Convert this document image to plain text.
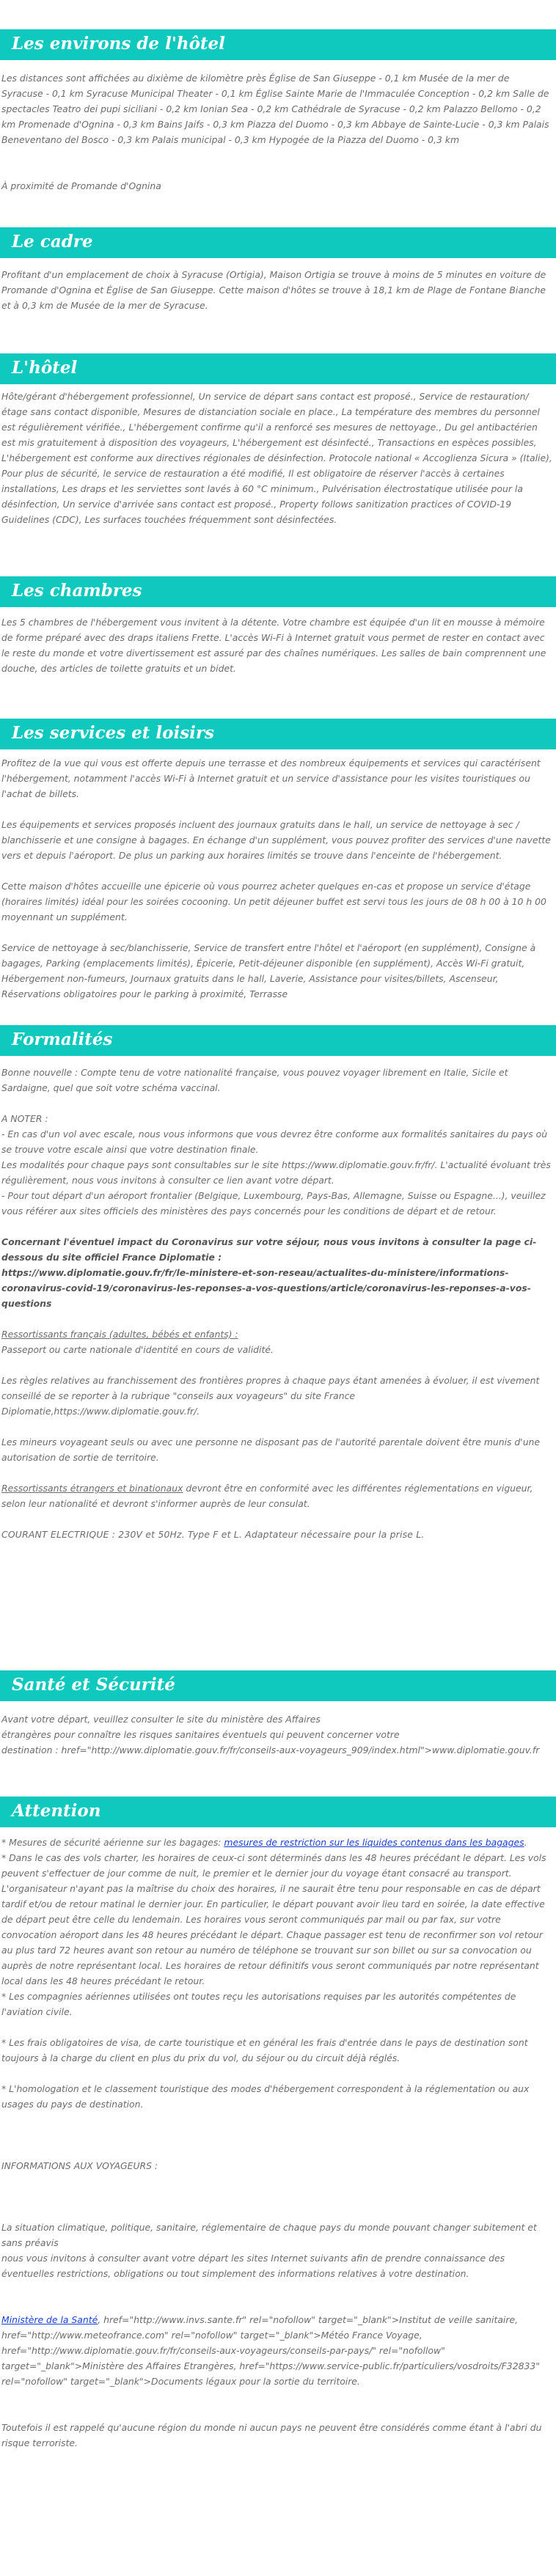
Les environs de l'hôtel

Les distances sont affichées au dixième de kilomètre près Église de San Giuseppe - 0,1 km Musée de la mer de Syracuse - 0,1 km Syracuse Municipal Theater - 0,1 km Église Sainte Marie de l'Immaculée Conception - 0,2 km Salle de spectacles Teatro dei pupi siciliani - 0,2 km Ionian Sea - 0,2 km Cathédrale de Syracuse - 0,2 km Palazzo Bellomo - 0,2 km Promenade d'Ognina - 0,3 km Bains Jaifs - 0,3 km Piazza del Duomo - 0,3 km Abbaye de Sainte-Lucie - 0,3 km Palais Beneventano del Bosco - 0,3 km Palais municipal - 0,3 km Hypogée de la Piazza del Duomo - 0,3 km

À proximité de Promande d'Ognina

Le cadre

Profitant d'un emplacement de choix à Syracuse (Ortigia), Maison Ortigia se trouve à moins de 5 minutes en voiture de Promande d'Ognina et Église de San Giuseppe. Cette maison d'hôtes se trouve à 18,1 km de Plage de Fontane Bianche et à 0,3 km de Musée de la mer de Syracuse.

L'hôtel

Hôte/gérant d'hébergement professionnel, Un service de départ sans contact est proposé., Service de restauration/étage sans contact disponible, Mesures de distanciation sociale en place., La température des membres du personnel est régulièrement vérifiée., L'hébergement confirme qu'il a renforcé ses mesures de nettoyage., Du gel antibactérien est mis gratuitement à disposition des voyageurs, L'hébergement est désinfecté., Transactions en espèces possibles, L'hébergement est conforme aux directives régionales de désinfection. Protocole national « Accoglienza Sicura » (Italie), Pour plus de sécurité, le service de restauration a été modifié, Il est obligatoire de réserver l'accès à certaines installations, Les draps et les serviettes sont lavés à 60 °C minimum., Pulvérisation électrostatique utilisée pour la désinfection, Un service d'arrivée sans contact est proposé., Property follows sanitization practices of COVID-19 Guidelines (CDC), Les surfaces touchées fréquemment sont désinfectées.

Les chambres

Les 5 chambres de l'hébergement vous invitent à la détente. Votre chambre est équipée d'un lit en mousse à mémoire de forme préparé avec des draps italiens Frette. L'accès Wi-Fi à Internet gratuit vous permet de rester en contact avec le reste du monde et votre divertissement est assuré par des chaînes numériques. Les salles de bain comprennent une douche, des articles de toilette gratuits et un bidet.

Les services et loisirs

Profitez de la vue qui vous est offerte depuis une terrasse et des nombreux équipements et services qui caractérisent l'hébergement, notamment l'accès Wi-Fi à Internet gratuit et un service d'assistance pour les visites touristiques ou l'achat de billets.

Les équipements et services proposés incluent des journaux gratuits dans le hall, un service de nettoyage à sec / blanchisserie et une consigne à bagages. En échange d'un supplément, vous pouvez profiter des services d'une navette vers et depuis l'aéroport. De plus un parking aux horaires limités se trouve dans l'enceinte de l'hébergement.

Cette maison d'hôtes accueille une épicerie où vous pourrez acheter quelques en-cas et propose un service d'étage (horaires limités) idéal pour les soirées cocooning. Un petit déjeuner buffet est servi tous les jours de 08 h 00 à 10 h 00 moyennant un supplément.

Service de nettoyage à sec/blanchisserie, Service de transfert entre l'hôtel et l'aéroport (en supplément), Consigne à bagages, Parking (emplacements limités), Épicerie, Petit-déjeuner disponible (en supplément), Accès Wi-Fi gratuit, Hébergement non-fumeurs, Journaux gratuits dans le hall, Laverie, Assistance pour visites/billets, Ascenseur, Réservations obligatoires pour le parking à proximité, Terrasse

Formalités

Bonne nouvelle : Compte tenu de votre nationalité française, vous pouvez voyager librement en Italie, Sicile et Sardaigne, quel que soit votre schéma vaccinal.

A NOTER :

- En cas d'un vol avec escale, nous vous informons que vous devrez être conforme aux formalités sanitaires du pays où se trouve votre escale ainsi que votre destination finale.

Les modalités pour chaque pays sont consultables sur le site https://www.diplomatie.gouv.fr/fr/. L'actualité évoluant très régulièrement, nous vous invitons à consulter ce lien avant votre départ.

- Pour tout départ d'un aéroport frontalier (Belgique, Luxembourg, Pays-Bas, Allemagne, Suisse ou Espagne...), veuillez vous référer aux sites officiels des ministères des pays concernés pour les conditions de départ et de retour.

Concernant l'éventuel impact du Coronavirus sur votre séjour, nous vous invitons à consulter la page ci-dessous du site officiel France Diplomatie :

https://www.diplomatie.gouv.fr/fr/le-ministere-et-son-reseau/actualites-du-ministere/informations-coronavirus-covid-19/coronavirus-les-reponses-a-vos-questions/article/coronavirus-les-reponses-a-vos-questions

Ressortissants français (adultes, bébés et enfants) :

Passeport ou carte nationale d'identité en cours de validité.

Les règles relatives au franchissement des frontières propres à chaque pays étant amenées à évoluer, il est vivement conseillé de se reporter à la rubrique "conseils aux voyageurs" du site France Diplomatie,https://www.diplomatie.gouv.fr/.

Les mineurs voyageant seuls ou avec une personne ne disposant pas de l'autorité parentale doivent être munis d'une autorisation de sortie de territoire.

Ressortissants étrangers et binationaux devront être en conformité avec les différentes réglementations en vigueur, selon leur nationalité et devront s'informer auprès de leur consulat.

COURANT ELECTRIQUE : 230V et 50Hz. Type F et L. Adaptateur nécessaire pour la prise L.

Santé et Sécurité

Avant votre départ, veuillez consulter le site du ministère des Affaires

étrangères pour connaître les risques sanitaires éventuels qui peuvent concerner votre

destination : href="http://www.diplomatie.gouv.fr/fr/conseils-aux-voyageurs_909/index.html">www.diplomatie.gouv.fr

Attention

* Mesures de sécurité aérienne sur les bagages: mesures de restriction sur les liquides contenus dans les bagages.

* Dans le cas des vols charter, les horaires de ceux-ci sont déterminés dans les 48 heures précédant le départ. Les vols peuvent s'effectuer de jour comme de nuit, le premier et le dernier jour du voyage étant consacré au transport. L'organisateur n'ayant pas la maîtrise du choix des horaires, il ne saurait être tenu pour responsable en cas de départ tardif et/ou de retour matinal le dernier jour. En particulier, le départ pouvant avoir lieu tard en soirée, la date effective de départ peut être celle du lendemain. Les horaires vous seront communiqués par mail ou par fax, sur votre convocation aéroport dans les 48 heures précédant le départ. Chaque passager est tenu de reconfirmer son vol retour au plus tard 72 heures avant son retour au numéro de téléphone se trouvant sur son billet ou sur sa convocation ou auprès de notre représentant local. Les horaires de retour définitifs vous seront communiqués par notre représentant local dans les 48 heures précédant le retour.

* Les compagnies aériennes utilisées ont toutes reçu les autorisations requises par les autorités compétentes de l'aviation civile.

* Les frais obligatoires de visa, de carte touristique et en général les frais d'entrée dans le pays de destination sont toujours à la charge du client en plus du prix du vol, du séjour ou du circuit déjà réglés.

* L'homologation et le classement touristique des modes d'hébergement correspondent à la réglementation ou aux usages du pays de destination.

INFORMATIONS AUX VOYAGEURS :

La situation climatique, politique, sanitaire, réglementaire de chaque pays du monde pouvant changer subitement et sans préavis

nous vous invitons à consulter avant votre départ les sites Internet suivants afin de prendre connaissance des éventuelles restrictions, obligations ou tout simplement des informations relatives à votre destination.

Ministère de la Santé, href="http://www.invs.sante.fr" rel="nofollow" target="_blank">Institut de veille sanitaire, href="http://www.meteofrance.com" rel="nofollow" target="_blank">Météo France Voyage, href="http://www.diplomatie.gouv.fr/fr/conseils-aux-voyageurs/conseils-par-pays/" rel="nofollow" target="_blank">Ministère des Affaires Etrangères, href="https://www.service-public.fr/particuliers/vosdroits/F32833" rel="nofollow" target="_blank">Documents légaux pour la sortie du territoire.

Toutefois il est rappelé qu'aucune région du monde ni aucun pays ne peuvent être considérés comme étant à l'abri du risque terroriste.
